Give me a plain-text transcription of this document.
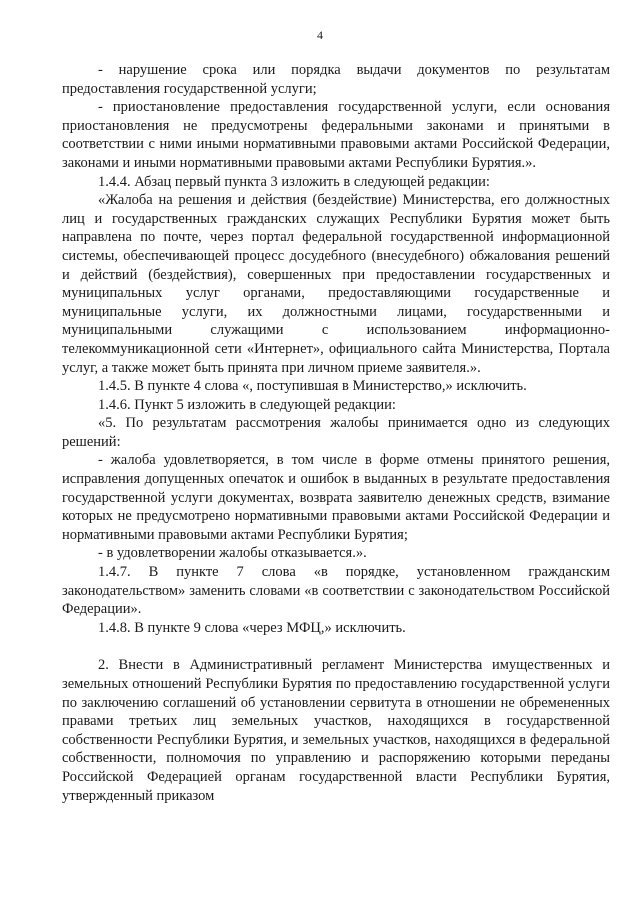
4

- нарушение срока или порядка выдачи документов по результатам предоставления государственной услуги;

- приостановление предоставления государственной услуги, если основания приостановления не предусмотрены федеральными законами и принятыми в соответствии с ними иными нормативными правовыми актами Российской Федерации, законами и иными нормативными правовыми актами Республики Бурятия.».

1.4.4. Абзац первый пункта 3 изложить в следующей редакции:

«Жалоба на решения и действия (бездействие) Министерства, его должностных лиц и государственных гражданских служащих Республики Бурятия может быть направлена по почте, через портал федеральной государственной информационной системы, обеспечивающей процесс досудебного (внесудебного) обжалования решений и действий (бездействия), совершенных при предоставлении государственных и муниципальных услуг органами, предоставляющими государственные и муниципальные услуги, их должностными лицами, государственными и муниципальными служащими с использованием информационно-телекоммуникационной сети «Интернет», официального сайта Министерства, Портала услуг, а также может быть принята при личном приеме заявителя.».

1.4.5. В пункте 4 слова «, поступившая в Министерство,» исключить.

1.4.6. Пункт 5 изложить в следующей редакции:

«5. По результатам рассмотрения жалобы принимается одно из следующих решений:

- жалоба удовлетворяется, в том числе в форме отмены принятого решения, исправления допущенных опечаток и ошибок в выданных в результате предоставления государственной услуги документах, возврата заявителю денежных средств, взимание которых не предусмотрено нормативными правовыми актами Российской Федерации и нормативными правовыми актами Республики Бурятия;

- в удовлетворении жалобы отказывается.».

1.4.7. В пункте 7 слова «в порядке, установленном гражданским законодательством» заменить словами «в соответствии с законодательством Российской Федерации».

1.4.8. В пункте 9 слова «через МФЦ,» исключить.

2. Внести в Административный регламент Министерства имущественных и земельных отношений Республики Бурятия по предоставлению государственной услуги по заключению соглашений об установлении сервитута в отношении не обремененных правами третьих лиц земельных участков, находящихся в государственной собственности Республики Бурятия, и земельных участков, находящихся в федеральной собственности, полномочия по управлению и распоряжению которыми переданы Российской Федерацией органам государственной власти Республики Бурятия, утвержденный приказом
